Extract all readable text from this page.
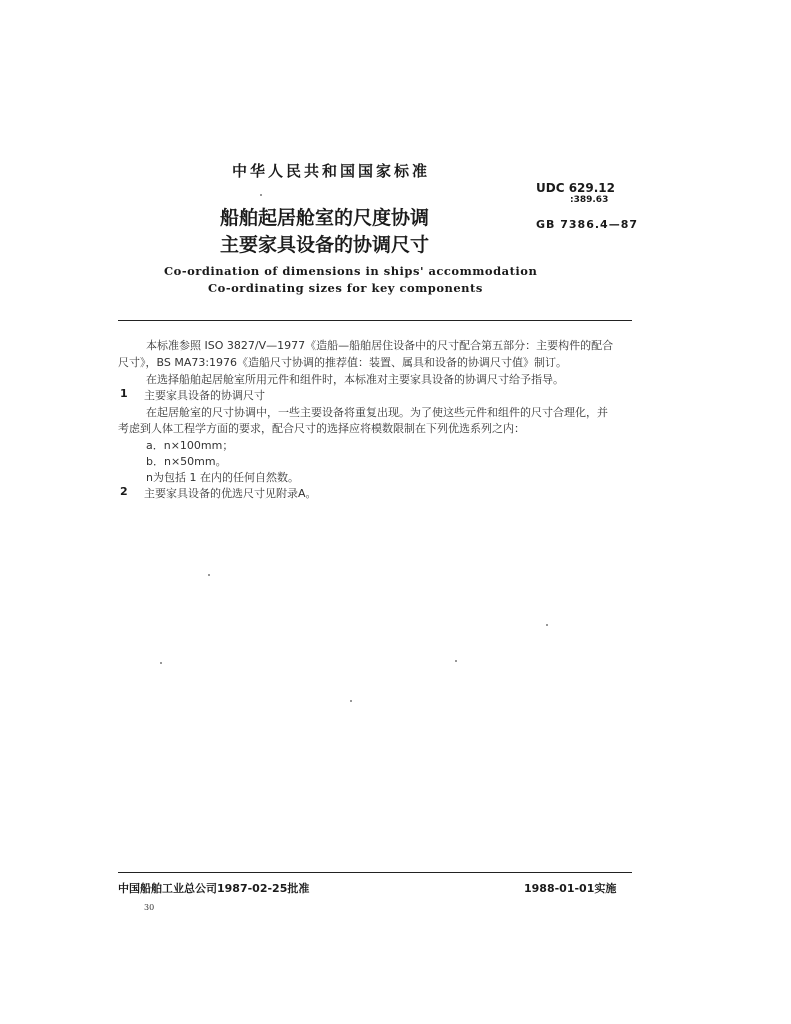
中华人民共和国国家标准
UDC 629.12
:389.63
GB 7386.4—87
船舶起居舱室的尺度协调
主要家具设备的协调尺寸
Co-ordination of dimensions in ships' accommodation
Co-ordinating sizes for key components
本标准参照 ISO 3827/V—1977《造船—船舶居住设备中的尺寸配合第五部分：主要构件的配合
尺寸》，BS MA73:1976《造船尺寸协调的推荐值：装置、属具和设备的协调尺寸值》制订。
在选择船舶起居舱室所用元件和组件时，本标准对主要家具设备的协调尺寸给予指导。
1 主要家具设备的协调尺寸
在起居舱室的尺寸协调中，一些主要设备将重复出现。为了使这些元件和组件的尺寸合理化，并
考虑到人体工程学方面的要求，配合尺寸的选择应将模数限制在下列优选系列之内：
a．n×100mm；
b．n×50mm。
n为包括 1 在内的任何自然数。
2 主要家具设备的优选尺寸见附录A。
中国船舶工业总公司1987-02-25批准	1988-01-01实施
30
